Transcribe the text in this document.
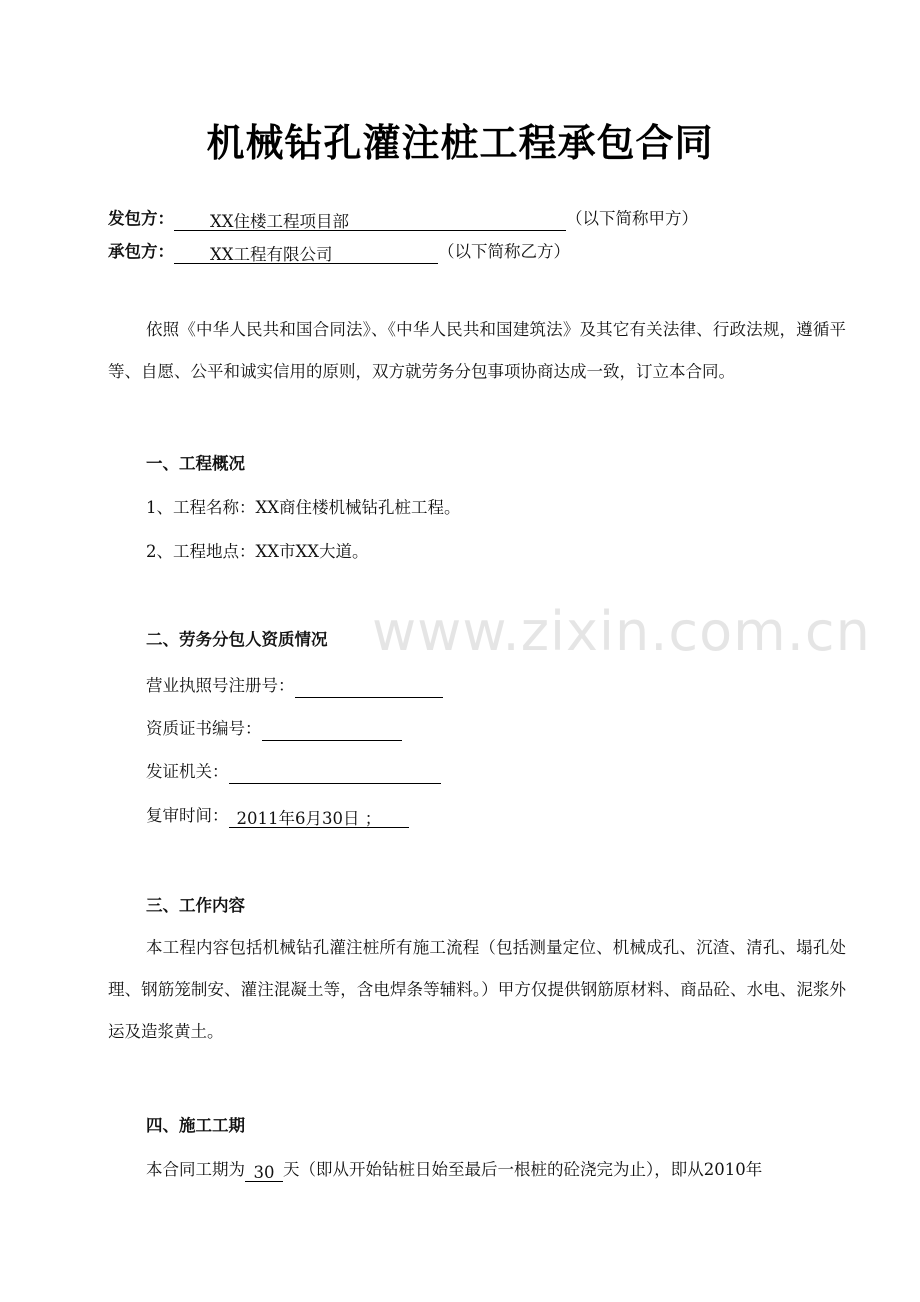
机械钻孔灌注桩工程承包合同
发包方： XX住楼工程项目部	（以下简称甲方）
承包方： XX工程有限公司	（以下简称乙方）
依照《中华人民共和国合同法》、《中华人民共和国建筑法》及其它有关法律、行政法规，遵循平等、自愿、公平和诚实信用的原则，双方就劳务分包事项协商达成一致，订立本合同。
一、工程概况
1、工程名称：XX商住楼机械钻孔桩工程。
2、工程地点：XX市XX大道。
www.zixin.com.cn
二、劳务分包人资质情况
营业执照号注册号：
资质证书编号：
发证机关：
复审时间： 2011年6月30日 ；
三、工作内容
本工程内容包括机械钻孔灌注桩所有施工流程（包括测量定位、机械成孔、沉渣、清孔、塌孔处理、钢筋笼制安、灌注混凝土等，含电焊条等辅料。）甲方仅提供钢筋原材料、商品砼、水电、泥浆外运及造浆黄土。
四、施工工期
本合同工期为 30 天（即从开始钻桩日始至最后一根桩的砼浇完为止），即从2010年
